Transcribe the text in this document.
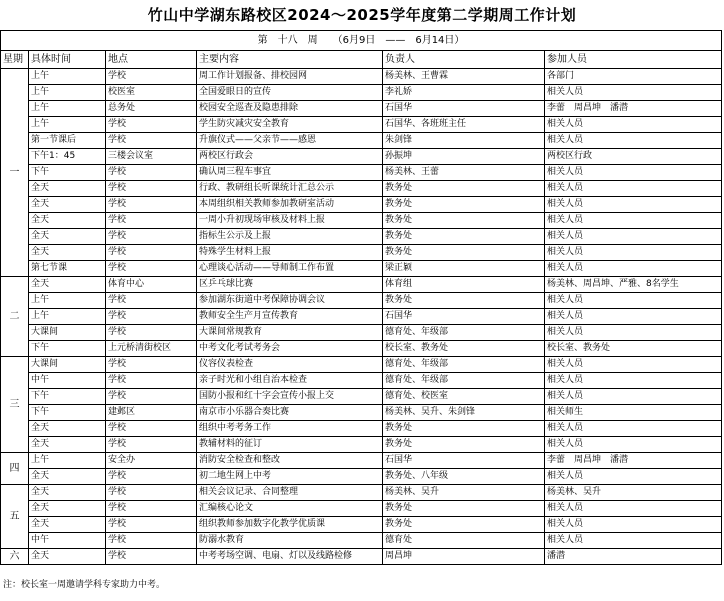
竹山中学湖东路校区2024～2025学年度第二学期周工作计划
第　十八　周　　（6月9日　——　6月14日）					
星期	具体时间	地点	主要内容	负责人	参加人员
一	上午	学校	周工作计划报备、排校园网	杨美林、王曹霖	各部门
	上午	校医室	全国爱眼日的宣传	李礼娇	相关人员
	上午	总务处	校园安全巡查及隐患排除	石国华	李蕾　周昌坤　潘潜
	上午	学校	学生防灾减灾安全教育	石国华、各班班主任	相关人员
	第一节课后	学校	升旗仪式——父亲节——感恩	朱剑锋	相关人员
	下午1：45	三楼会议室	两校区行政会	孙振坤	两校区行政
	下午	学校	确认周三程车事宜	杨美林、王蕾	相关人员
	全天	学校	行政、教研组长听课统计汇总公示	教务处	相关人员
	全天	学校	本周组织相关教师参加教研室活动	教务处	相关人员
	全天	学校	一周小升初现场审核及材料上报	教务处	相关人员
	全天	学校	指标生公示及上报	教务处	相关人员
	全天	学校	特殊学生材料上报	教务处	相关人员
	第七节课	学校	心理谈心活动——导师制工作布置	梁正颖	相关人员
二	全天	体育中心	区乒乓球比赛	体育组	杨美林、周昌坤、严雅、8名学生
	上午	学校	参加湖东街道中考保障协调会议	教务处	相关人员
	上午	学校	教师安全生产月宣传教育	石国华	相关人员
	大课间	学校	大课间常规教育	德育处、年级部	相关人员
	下午	上元桥清街校区	中考文化考试考务会	校长室、教务处	校长室、教务处
三	大课间	学校	仪容仪表检查	德育处、年级部	相关人员
	中午	学校	亲子时光和小组自治本检查	德育处、年级部	相关人员
	下午	学校	国防小报和红十字会宣传小报上交	德育处、校医室	相关人员
	下午	建邺区	南京市小乐器合奏比赛	杨美林、吴升、朱剑锋	相关师生
	全天	学校	组织中考考务工作	教务处	相关人员
	全天	学校	教辅材料的征订	教务处	相关人员
四	上午	安全办	消防安全检查和整改	石国华	李蕾　周昌坤　潘潜
	全天	学校	初二地生网上中考	教务处、八年级	相关人员
五	全天	学校	相关会议记录、合同整理	杨美林、吴升	杨美林、吴升
	全天	学校	汇编核心论文	教务处	相关人员
	全天	学校	组织教师参加数字化教学优质课	教务处	相关人员
	中午	学校	防溺水教育	德育处	相关人员
六	全天	学校	中考考场空调、电扇、灯以及线路检修	周昌坤	潘潜
注：校长室一周邀请学科专家助力中考。
